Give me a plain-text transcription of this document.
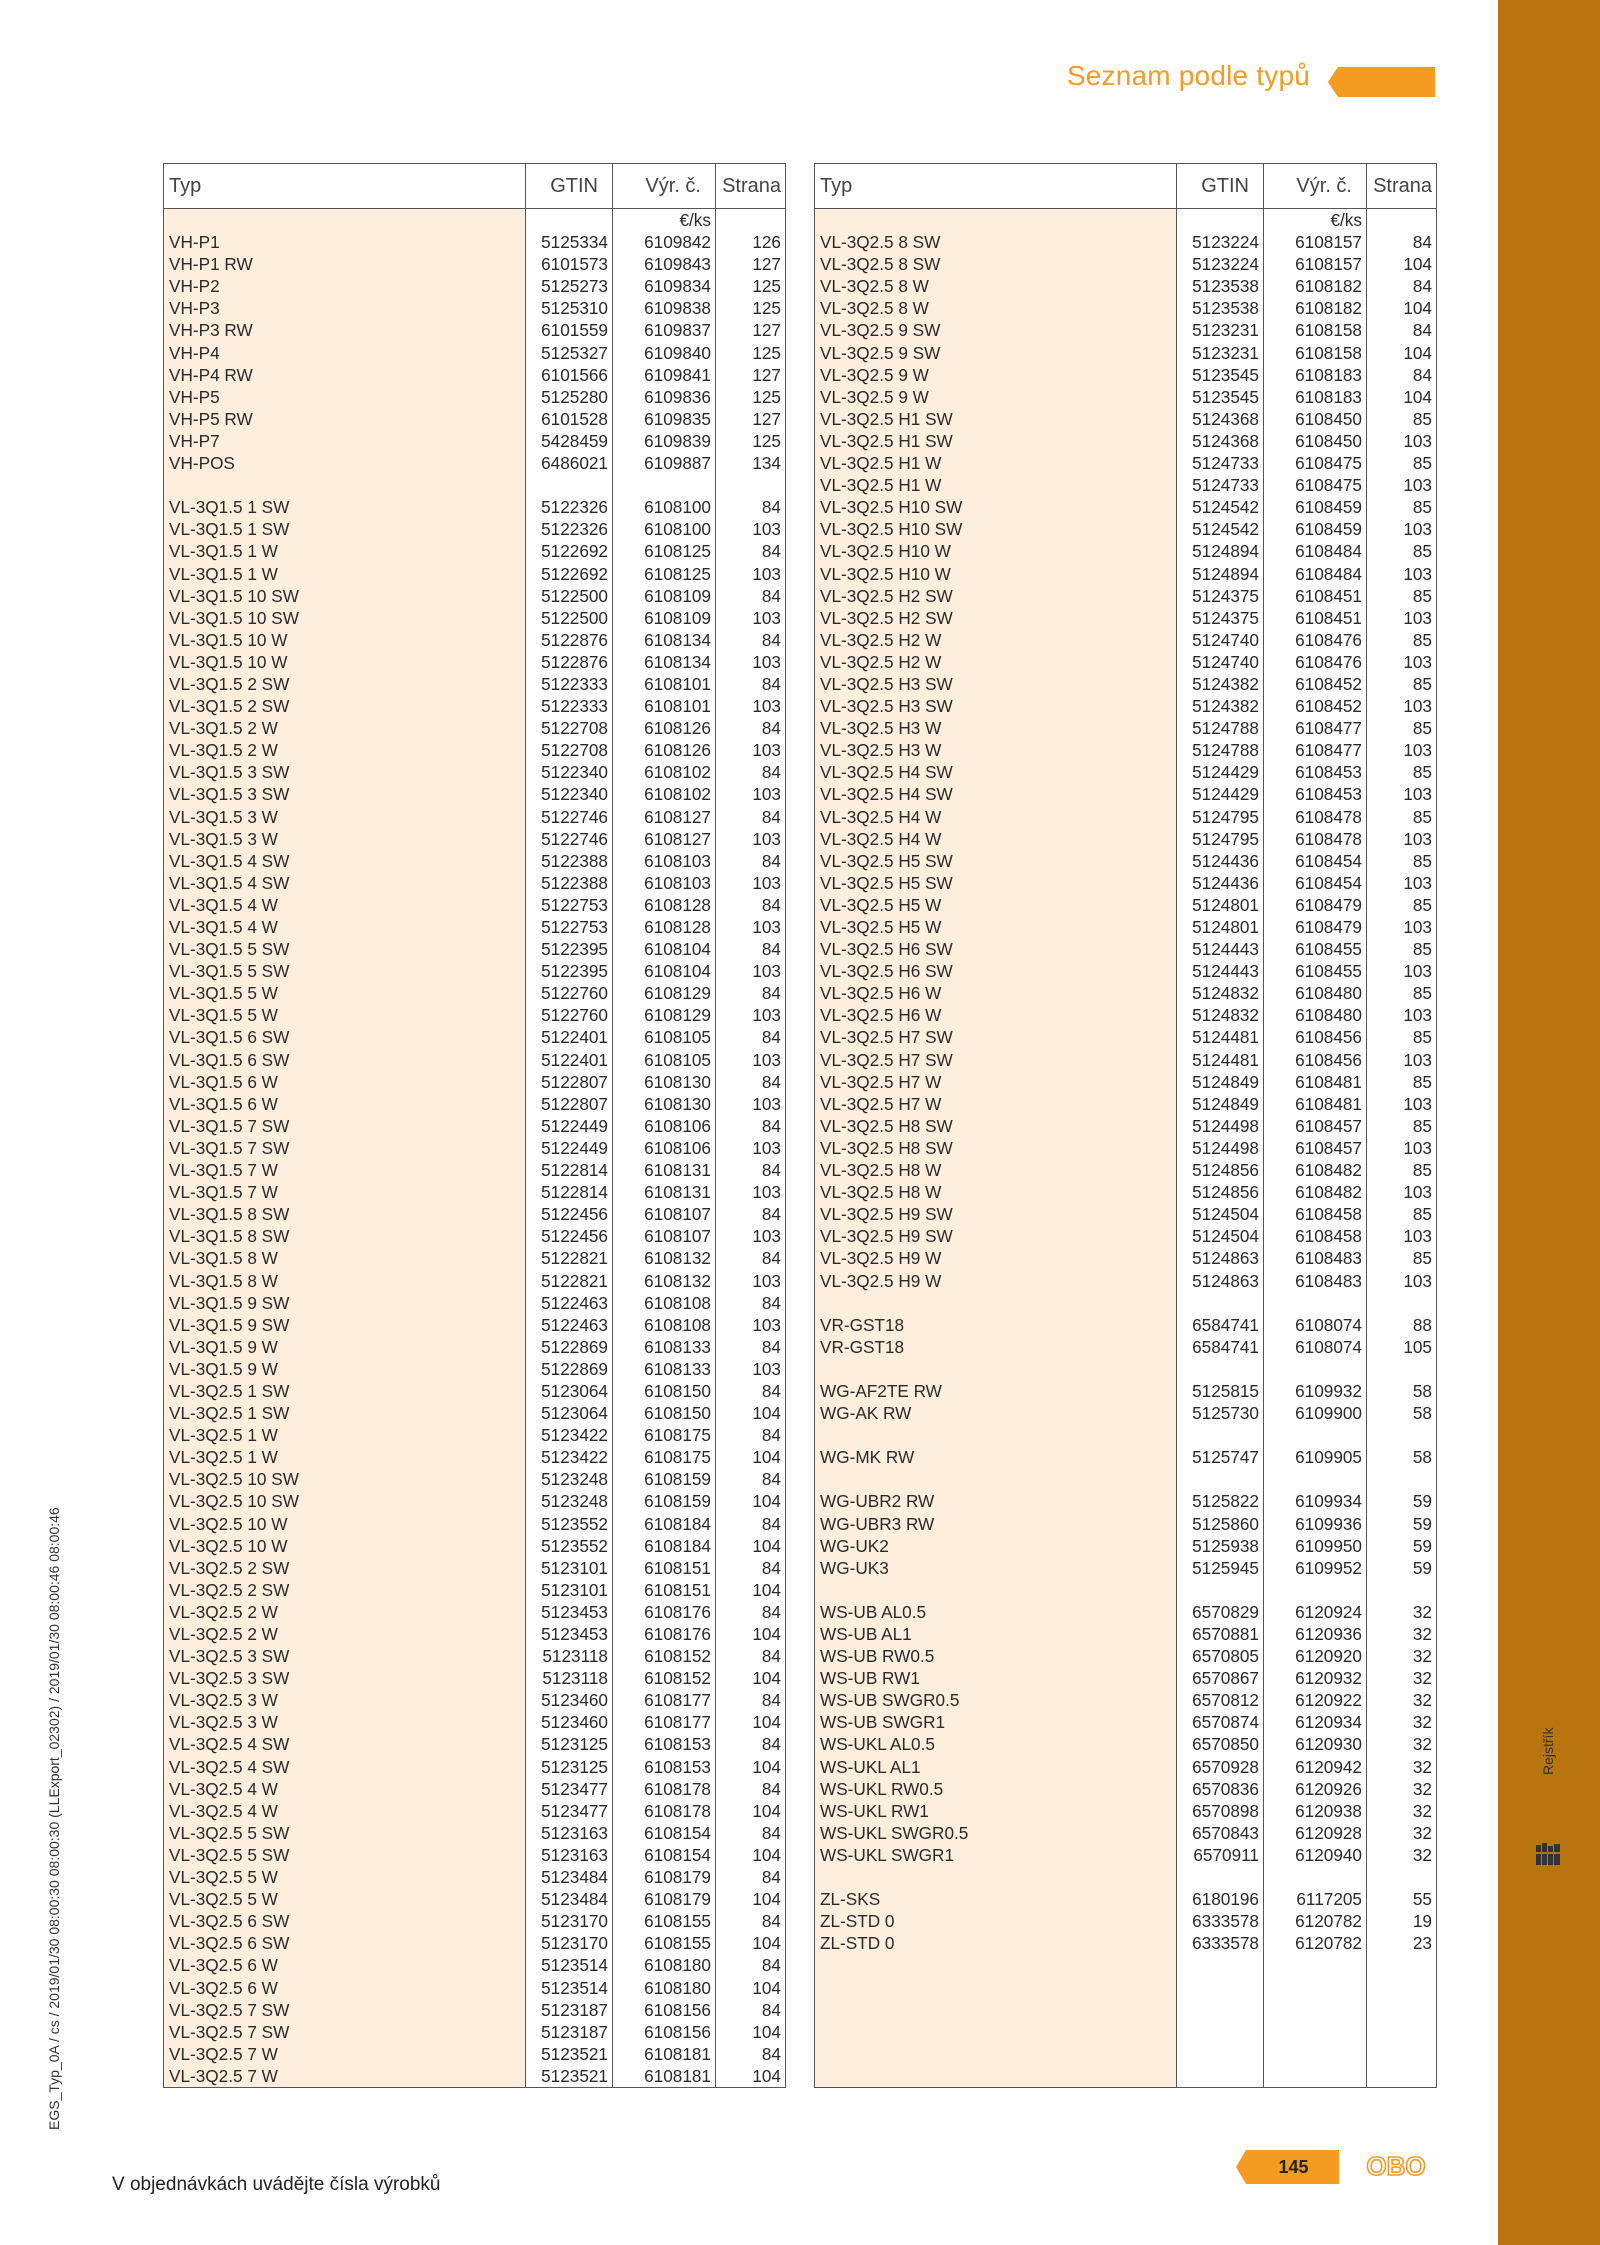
Seznam podle typů
Typ	GTIN	Výr. č.	Strana
		€/ks	
VH-P1	5125334	6109842	126
VH-P1 RW	6101573	6109843	127
VH-P2	5125273	6109834	125
VH-P3	5125310	6109838	125
VH-P3 RW	6101559	6109837	127
VH-P4	5125327	6109840	125
VH-P4 RW	6101566	6109841	127
VH-P5	5125280	6109836	125
VH-P5 RW	6101528	6109835	127
VH-P7	5428459	6109839	125
VH-POS	6486021	6109887	134

VL-3Q1.5 1 SW	5122326	6108100	84
VL-3Q1.5 1 SW	5122326	6108100	103
VL-3Q1.5 1 W	5122692	6108125	84
VL-3Q1.5 1 W	5122692	6108125	103
VL-3Q1.5 10 SW	5122500	6108109	84
VL-3Q1.5 10 SW	5122500	6108109	103
VL-3Q1.5 10 W	5122876	6108134	84
VL-3Q1.5 10 W	5122876	6108134	103
VL-3Q1.5 2 SW	5122333	6108101	84
VL-3Q1.5 2 SW	5122333	6108101	103
VL-3Q1.5 2 W	5122708	6108126	84
VL-3Q1.5 2 W	5122708	6108126	103
VL-3Q1.5 3 SW	5122340	6108102	84
VL-3Q1.5 3 SW	5122340	6108102	103
VL-3Q1.5 3 W	5122746	6108127	84
VL-3Q1.5 3 W	5122746	6108127	103
VL-3Q1.5 4 SW	5122388	6108103	84
VL-3Q1.5 4 SW	5122388	6108103	103
VL-3Q1.5 4 W	5122753	6108128	84
VL-3Q1.5 4 W	5122753	6108128	103
VL-3Q1.5 5 SW	5122395	6108104	84
VL-3Q1.5 5 SW	5122395	6108104	103
VL-3Q1.5 5 W	5122760	6108129	84
VL-3Q1.5 5 W	5122760	6108129	103
VL-3Q1.5 6 SW	5122401	6108105	84
VL-3Q1.5 6 SW	5122401	6108105	103
VL-3Q1.5 6 W	5122807	6108130	84
VL-3Q1.5 6 W	5122807	6108130	103
VL-3Q1.5 7 SW	5122449	6108106	84
VL-3Q1.5 7 SW	5122449	6108106	103
VL-3Q1.5 7 W	5122814	6108131	84
VL-3Q1.5 7 W	5122814	6108131	103
VL-3Q1.5 8 SW	5122456	6108107	84
VL-3Q1.5 8 SW	5122456	6108107	103
VL-3Q1.5 8 W	5122821	6108132	84
VL-3Q1.5 8 W	5122821	6108132	103
VL-3Q1.5 9 SW	5122463	6108108	84
VL-3Q1.5 9 SW	5122463	6108108	103
VL-3Q1.5 9 W	5122869	6108133	84
VL-3Q1.5 9 W	5122869	6108133	103
VL-3Q2.5 1 SW	5123064	6108150	84
VL-3Q2.5 1 SW	5123064	6108150	104
VL-3Q2.5 1 W	5123422	6108175	84
VL-3Q2.5 1 W	5123422	6108175	104
VL-3Q2.5 10 SW	5123248	6108159	84
VL-3Q2.5 10 SW	5123248	6108159	104
VL-3Q2.5 10 W	5123552	6108184	84
VL-3Q2.5 10 W	5123552	6108184	104
VL-3Q2.5 2 SW	5123101	6108151	84
VL-3Q2.5 2 SW	5123101	6108151	104
VL-3Q2.5 2 W	5123453	6108176	84
VL-3Q2.5 2 W	5123453	6108176	104
VL-3Q2.5 3 SW	5123118	6108152	84
VL-3Q2.5 3 SW	5123118	6108152	104
VL-3Q2.5 3 W	5123460	6108177	84
VL-3Q2.5 3 W	5123460	6108177	104
VL-3Q2.5 4 SW	5123125	6108153	84
VL-3Q2.5 4 SW	5123125	6108153	104
VL-3Q2.5 4 W	5123477	6108178	84
VL-3Q2.5 4 W	5123477	6108178	104
VL-3Q2.5 5 SW	5123163	6108154	84
VL-3Q2.5 5 SW	5123163	6108154	104
VL-3Q2.5 5 W	5123484	6108179	84
VL-3Q2.5 5 W	5123484	6108179	104
VL-3Q2.5 6 SW	5123170	6108155	84
VL-3Q2.5 6 SW	5123170	6108155	104
VL-3Q2.5 6 W	5123514	6108180	84
VL-3Q2.5 6 W	5123514	6108180	104
VL-3Q2.5 7 SW	5123187	6108156	84
VL-3Q2.5 7 SW	5123187	6108156	104
VL-3Q2.5 7 W	5123521	6108181	84
VL-3Q2.5 7 W	5123521	6108181	104

Typ	GTIN	Výr. č.	Strana
		€/ks	
VL-3Q2.5 8 SW	5123224	6108157	84
VL-3Q2.5 8 SW	5123224	6108157	104
VL-3Q2.5 8 W	5123538	6108182	84
VL-3Q2.5 8 W	5123538	6108182	104
VL-3Q2.5 9 SW	5123231	6108158	84
VL-3Q2.5 9 SW	5123231	6108158	104
VL-3Q2.5 9 W	5123545	6108183	84
VL-3Q2.5 9 W	5123545	6108183	104
VL-3Q2.5 H1 SW	5124368	6108450	85
VL-3Q2.5 H1 SW	5124368	6108450	103
VL-3Q2.5 H1 W	5124733	6108475	85
VL-3Q2.5 H1 W	5124733	6108475	103
VL-3Q2.5 H10 SW	5124542	6108459	85
VL-3Q2.5 H10 SW	5124542	6108459	103
VL-3Q2.5 H10 W	5124894	6108484	85
VL-3Q2.5 H10 W	5124894	6108484	103
VL-3Q2.5 H2 SW	5124375	6108451	85
VL-3Q2.5 H2 SW	5124375	6108451	103
VL-3Q2.5 H2 W	5124740	6108476	85
VL-3Q2.5 H2 W	5124740	6108476	103
VL-3Q2.5 H3 SW	5124382	6108452	85
VL-3Q2.5 H3 SW	5124382	6108452	103
VL-3Q2.5 H3 W	5124788	6108477	85
VL-3Q2.5 H3 W	5124788	6108477	103
VL-3Q2.5 H4 SW	5124429	6108453	85
VL-3Q2.5 H4 SW	5124429	6108453	103
VL-3Q2.5 H4 W	5124795	6108478	85
VL-3Q2.5 H4 W	5124795	6108478	103
VL-3Q2.5 H5 SW	5124436	6108454	85
VL-3Q2.5 H5 SW	5124436	6108454	103
VL-3Q2.5 H5 W	5124801	6108479	85
VL-3Q2.5 H5 W	5124801	6108479	103
VL-3Q2.5 H6 SW	5124443	6108455	85
VL-3Q2.5 H6 SW	5124443	6108455	103
VL-3Q2.5 H6 W	5124832	6108480	85
VL-3Q2.5 H6 W	5124832	6108480	103
VL-3Q2.5 H7 SW	5124481	6108456	85
VL-3Q2.5 H7 SW	5124481	6108456	103
VL-3Q2.5 H7 W	5124849	6108481	85
VL-3Q2.5 H7 W	5124849	6108481	103
VL-3Q2.5 H8 SW	5124498	6108457	85
VL-3Q2.5 H8 SW	5124498	6108457	103
VL-3Q2.5 H8 W	5124856	6108482	85
VL-3Q2.5 H8 W	5124856	6108482	103
VL-3Q2.5 H9 SW	5124504	6108458	85
VL-3Q2.5 H9 SW	5124504	6108458	103
VL-3Q2.5 H9 W	5124863	6108483	85
VL-3Q2.5 H9 W	5124863	6108483	103

VR-GST18	6584741	6108074	88
VR-GST18	6584741	6108074	105

WG-AF2TE RW	5125815	6109932	58
WG-AK RW	5125730	6109900	58

WG-MK RW	5125747	6109905	58

WG-UBR2 RW	5125822	6109934	59
WG-UBR3 RW	5125860	6109936	59
WG-UK2	5125938	6109950	59
WG-UK3	5125945	6109952	59

WS-UB AL0.5	6570829	6120924	32
WS-UB AL1	6570881	6120936	32
WS-UB RW0.5	6570805	6120920	32
WS-UB RW1	6570867	6120932	32
WS-UB SWGR0.5	6570812	6120922	32
WS-UB SWGR1	6570874	6120934	32
WS-UKL AL0.5	6570850	6120930	32
WS-UKL AL1	6570928	6120942	32
WS-UKL RW0.5	6570836	6120926	32
WS-UKL RW1	6570898	6120938	32
WS-UKL SWGR0.5	6570843	6120928	32
WS-UKL SWGR1	6570911	6120940	32

ZL-SKS	6180196	6117205	55
ZL-STD 0	6333578	6120782	19
ZL-STD 0	6333578	6120782	23

EGS_Typ_0A / cs / 2019/01/30 08:00:30 08:00:30 (LLExport_02302) / 2019/01/30 08:00:46 08:00:46	Rejstřík
V objednávkách uvádějte čísla výrobků
145	OBO
